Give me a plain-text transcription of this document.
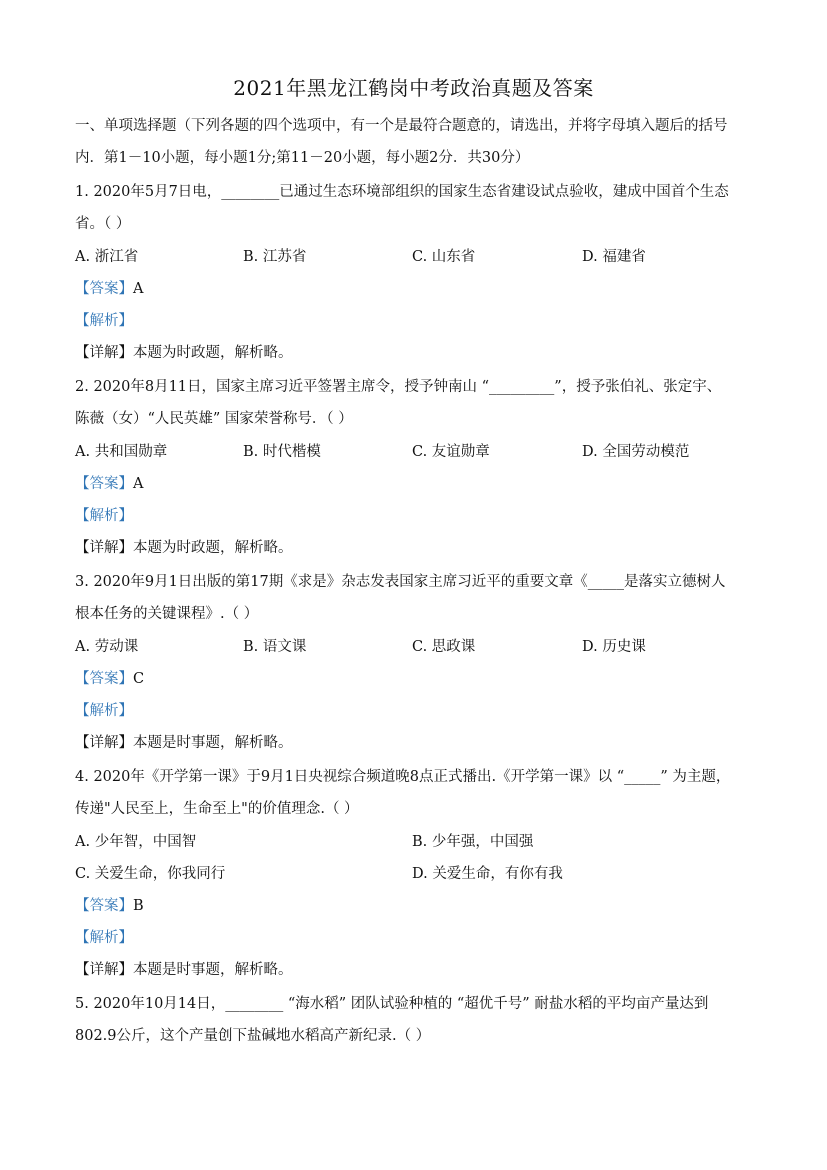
2021年黑龙江鹤岗中考政治真题及答案
一、单项选择题（下列各题的四个选项中，有一个是最符合题意的，请选出，并将字母填入题后的括号
内．第1－10小题，每小题1分;第11－20小题，每小题2分．共30分）
1. 2020年5月7日电，________已通过生态环境部组织的国家生态省建设试点验收，建成中国首个生态
省。（ ）
A. 浙江省	B. 江苏省	C. 山东省	D. 福建省
【答案】A
【解析】
【详解】本题为时政题，解析略。
2. 2020年8月11日，国家主席习近平签署主席令，授予钟南山 “_________”，授予张伯礼、张定宇、
陈薇（女）“人民英雄” 国家荣誉称号．（ ）
A. 共和国勋章	B. 时代楷模	C. 友谊勋章	D. 全国劳动模范
【答案】A
【解析】
【详解】本题为时政题，解析略。
3. 2020年9月1日出版的第17期《求是》杂志发表国家主席习近平的重要文章《_____是落实立德树人
根本任务的关键课程》.（ ）
A. 劳动课	B. 语文课	C. 思政课	D. 历史课
【答案】C
【解析】
【详解】本题是时事题，解析略。
4. 2020年《开学第一课》于9月1日央视综合频道晚8点正式播出.《开学第一课》以 “_____” 为主题，
传递"人民至上，生命至上"的价值理念.（ ）
A. 少年智，中国智	B. 少年强，中国强
C. 关爱生命，你我同行	D. 关爱生命，有你有我
【答案】B
【解析】
【详解】本题是时事题，解析略。
5. 2020年10月14日，________ “海水稻” 团队试验种植的 “超优千号” 耐盐水稻的平均亩产量达到
802.9公斤，这个产量创下盐碱地水稻高产新纪录.（ ）
